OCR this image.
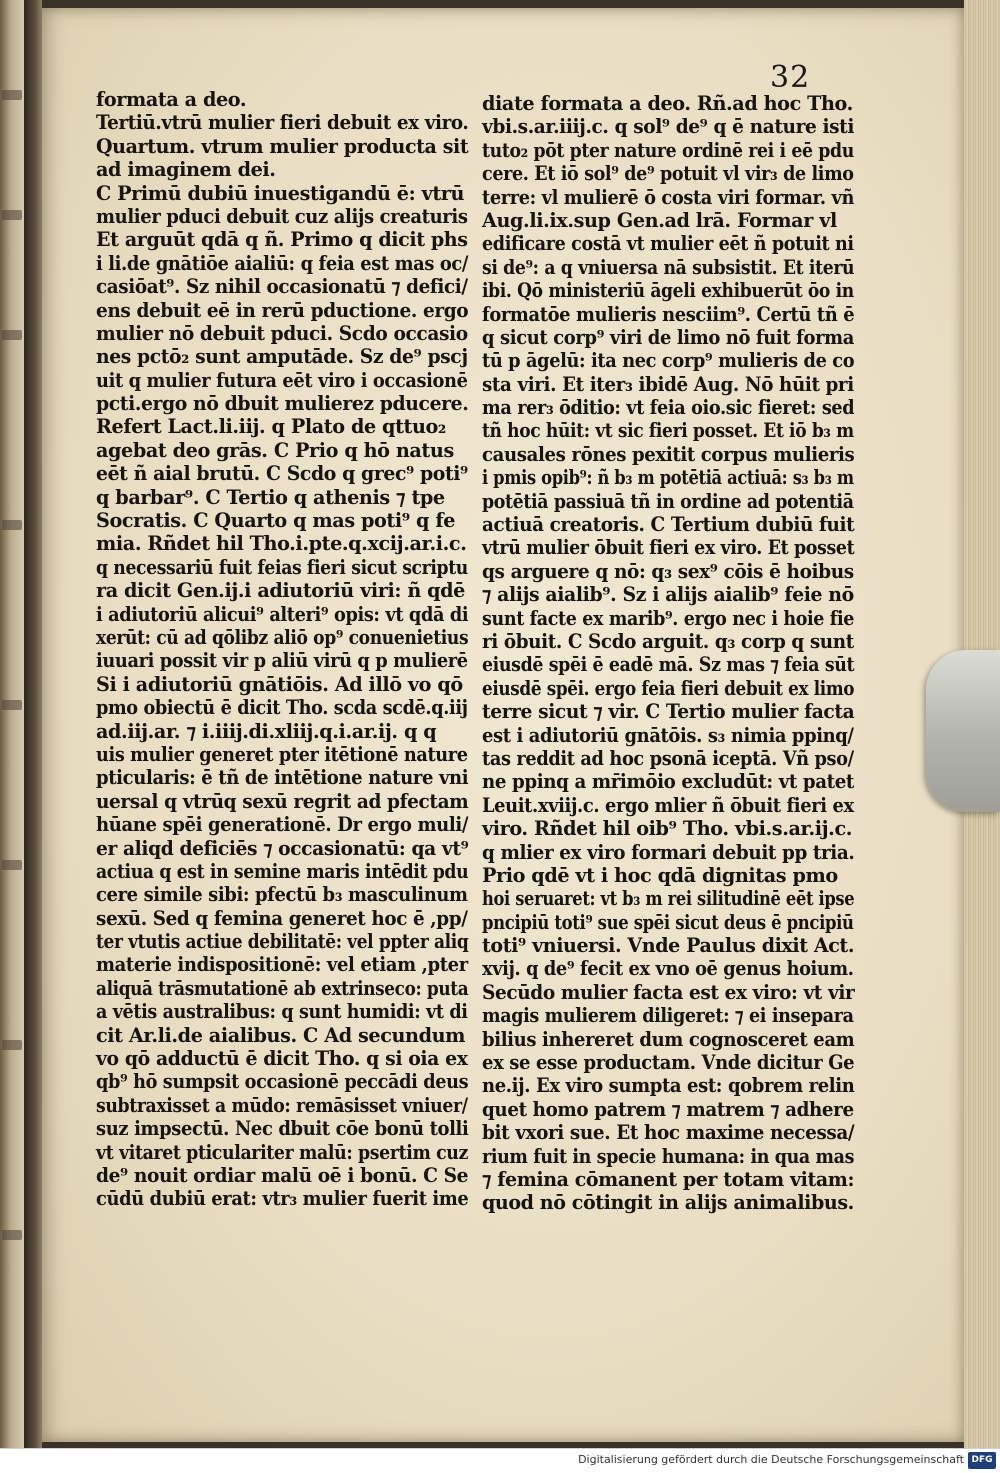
32
formata a deo.
Tertiū.vtrū mulier fieri debuit ex viro.
Quartum. vtrum mulier producta sit
ad imaginem dei.
C Primū dubiū inuestigandū ē: vtrū
mulier pduci debuit cuz alijs creaturis
Et arguūt qdā q ñ. Primo q dicit phs
i li.de gnātiōe aialiū: q feia est mas oc/
casiōat⁹. Sz nihil occasionatū ⁊ defici/
ens debuit eē in rerū pductione. ergo
mulier nō debuit pduci. Scdo occasio
nes pctō₂ sunt amputāde. Sz de⁹ pscj
uit q mulier futura eēt viro i occasionē
pcti.ergo nō dbuit mulierez pducere.
Refert Lact.li.iij. q Plato de qttuo₂
agebat deo grās. C Prio q hō natus
eēt ñ aial brutū. C Scdo q grec⁹ poti⁹
q barbar⁹. C Tertio q athenis ⁊ tpe
Socratis. C Quarto q mas poti⁹ q fe
mia. Rñdet hil Tho.i.pte.q.xcij.ar.i.c.
q necessariū fuit feias fieri sicut scriptu
ra dicit Gen.ij.i adiutoriū viri: ñ qdē
i adiutoriū alicui⁹ alteri⁹ opis: vt qdā di
xerūt: cū ad qōlibz aliō op⁹ conuenietius
iuuari possit vir p aliū virū q p mulierē
Si i adiutoriū gnātiōis. Ad illō vo qō
pmo obiectū ē dicit Tho. scda scdē.q.iij
ad.iij.ar. ⁊ i.iiij.di.xliij.q.i.ar.ij. q q
uis mulier generet pter itētionē nature
pticularis: ē tñ de intētione nature vni
uersal q vtrūq sexū regrit ad pfectam
hūane spēi generationē. Dr ergo muli/
er aliqd deficiēs ⁊ occasionatū: qa vt⁹
actiua q est in semine maris intēdit pdu
cere simile sibi: pfectū b₃ masculinum
sexū. Sed q femina generet hoc ē ,pp/
ter vtutis actiue debilitatē: vel ppter aliq
materie indispositionē: vel etiam ,pter
aliquā trāsmutationē ab extrinseco: puta
a vētis australibus: q sunt humidi: vt di
cit Ar.li.de aialibus. C Ad secundum
vo qō adductū ē dicit Tho. q si oia ex
qb⁹ hō sumpsit occasionē peccādi deus
subtraxisset a mūdo: remāsisset vniuer/
suz impsectū. Nec dbuit cōe bonū tolli
vt vitaret pticulariter malū: psertim cuz
de⁹ nouit ordiar malū oē i bonū. C Se
cūdū dubiū erat: vtr₃ mulier fuerit ime
diate formata a deo. Rñ.ad hoc Tho.
vbi.s.ar.iiij.c. q sol⁹ de⁹ q ē nature isti
tuto₂ pōt pter nature ordinē rei i eē pdu
cere. Et iō sol⁹ de⁹ potuit vl vir₃ de limo
terre: vl mulierē ō costa viri formar. vñ
Aug.li.ix.sup Gen.ad lrā. Formar vl
edificare costā vt mulier eēt ñ potuit ni
si de⁹: a q vniuersa nā subsistit. Et iterū
ibi. Qō ministeriū āgeli exhibuerūt ōo in
formatōe mulieris nesciim⁹. Certū tñ ē
q sicut corp⁹ viri de limo nō fuit forma
tū p āgelū: ita nec corp⁹ mulieris de co
sta viri. Et iter₃ ibidē Aug. Nō hūit pri
ma rer₃ ōditio: vt feia oio.sic fieret: sed
tñ hoc hūit: vt sic fieri posset. Et iō b₃ m
causales rōnes pexitit corpus mulieris
i pmis opib⁹: ñ b₃ m potētiā actiuā: s₃ b₃ m
potētiā passiuā tñ in ordine ad potentiā
actiuā creatoris. C Tertium dubiū fuit
vtrū mulier ōbuit fieri ex viro. Et posset
qs arguere q nō: q₃ sex⁹ cōis ē hoibus
⁊ alijs aialib⁹. Sz i alijs aialib⁹ feie nō
sunt facte ex marib⁹. ergo nec i hoie fie
ri ōbuit. C Scdo arguit. q₃ corp q sunt
eiusdē spēi ē eadē mā. Sz mas ⁊ feia sūt
eiusdē spēi. ergo feia fieri debuit ex limo
terre sicut ⁊ vir. C Tertio mulier facta
est i adiutoriū gnātōis. s₃ nimia ppinq/
tas reddit ad hoc psonā iceptā. Vñ pso/
ne ppinq a mr̄imōio excludūt: vt patet
Leuit.xviij.c. ergo mlier ñ ōbuit fieri ex
viro. Rñdet hil oib⁹ Tho. vbi.s.ar.ij.c.
q mlier ex viro formari debuit pp tria.
Prio qdē vt i hoc qdā dignitas pmo
hoi seruaret: vt b₃ m rei silitudinē eēt ipse
pncipiū toti⁹ sue spēi sicut deus ē pncipiū
toti⁹ vniuersi. Vnde Paulus dixit Act.
xvij. q de⁹ fecit ex vno oē genus hoium.
Secūdo mulier facta est ex viro: vt vir
magis mulierem diligeret: ⁊ ei insepara
bilius inhereret dum cognosceret eam
ex se esse productam. Vnde dicitur Ge
ne.ij. Ex viro sumpta est: qobrem relin
quet homo patrem ⁊ matrem ⁊ adhere
bit vxori sue. Et hoc maxime necessa/
rium fuit in specie humana: in qua mas
⁊ femina cōmanent per totam vitam:
quod nō cōtingit in alijs animalibus.
Digitalisierung gefördert durch die Deutsche Forschungsgemeinschaft DFG
